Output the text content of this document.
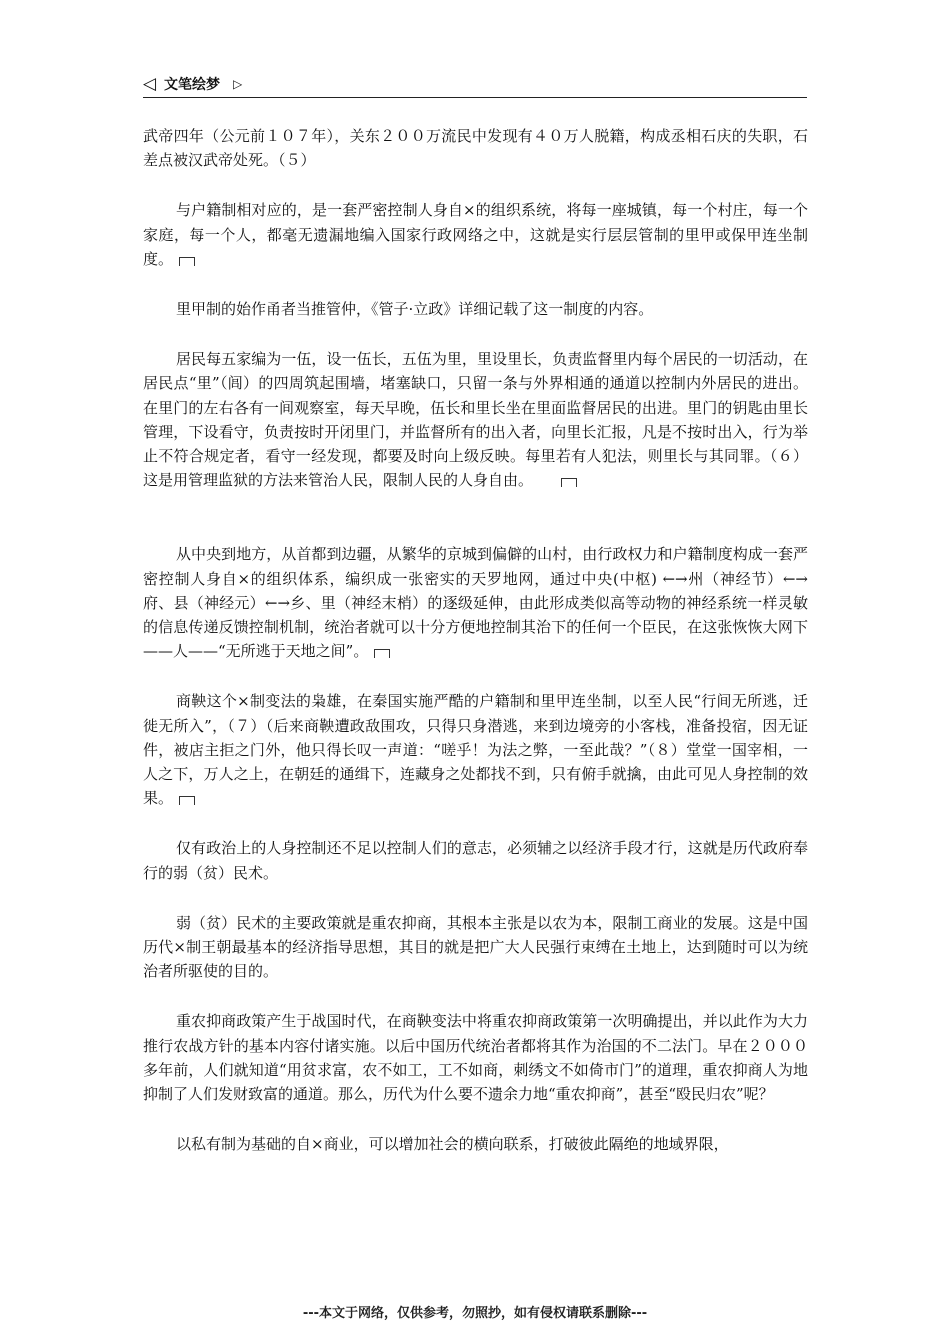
◁ 文笔绘梦 ▷

武帝四年（公元前１０７年），关东２００万流民中发现有４０万人脱籍，构成丞相石庆的失职，石差点被汉武帝处死。（５）

与户籍制相对应的，是一套严密控制人身自×的组织系统，将每一座城镇，每一个村庄，每一个家庭，每一个人，都毫无遗漏地编入国家行政网络之中，这就是实行层层管制的里甲或保甲连坐制度。

里甲制的始作甬者当推管仲，《管子·立政》详细记载了这一制度的内容。

居民每五家编为一伍，设一伍长，五伍为里，里设里长，负责监督里内每个居民的一切活动，在居民点“里”（闾）的四周筑起围墙，堵塞缺口，只留一条与外界相通的通道以控制内外居民的进出。在里门的左右各有一间观察室，每天早晚，伍长和里长坐在里面监督居民的出进。里门的钥匙由里长管理，下设看守，负责按时开闭里门，并监督所有的出入者，向里长汇报，凡是不按时出入，行为举止不符合规定者，看守一经发现，都要及时向上级反映。每里若有人犯法，则里长与其同罪。（６）这是用管理监狱的方法来管治人民，限制人民的人身自由。

从中央到地方，从首都到边疆，从繁华的京城到偏僻的山村，由行政权力和户籍制度构成一套严密控制人身自×的组织体系，编织成一张密实的天罗地网，通过中央(中枢) ←→州（神经节）←→　府、县（神经元）←→乡、里（神经末梢）的逐级延伸，由此形成类似高等动物的神经系统一样灵敏的信息传递反馈控制机制，统治者就可以十分方便地控制其治下的任何一个臣民，在这张恢恢大网下——人——“无所逃于天地之间”。

商鞅这个×制变法的枭雄，在秦国实施严酷的户籍制和里甲连坐制，以至人民“行间无所逃，迁徙无所入”，（７）（后来商鞅遭政敌围攻，只得只身潜逃，来到边境旁的小客栈，准备投宿，因无证件，被店主拒之门外，他只得长叹一声道：“嗟乎！为法之弊，一至此哉？”（８）堂堂一国宰相，一人之下，万人之上，在朝廷的通缉下，连藏身之处都找不到，只有俯手就擒，由此可见人身控制的效果。

仅有政治上的人身控制还不足以控制人们的意志，必须辅之以经济手段才行，这就是历代政府奉行的弱（贫）民术。

弱（贫）民术的主要政策就是重农抑商，其根本主张是以农为本，限制工商业的发展。这是中国历代×制王朝最基本的经济指导思想，其目的就是把广大人民强行束缚在土地上，达到随时可以为统治者所驱使的目的。

重农抑商政策产生于战国时代，在商鞅变法中将重农抑商政策第一次明确提出，并以此作为大力推行农战方针的基本内容付诸实施。以后中国历代统治者都将其作为治国的不二法门。早在２０００多年前，人们就知道“用贫求富，农不如工，工不如商，刺绣文不如倚市门”的道理，重农抑商人为地抑制了人们发财致富的通道。那么，历代为什么要不遗余力地“重农抑商”，甚至“殴民归农”呢？

以私有制为基础的自×商业，可以增加社会的横向联系，打破彼此隔绝的地域界限，

---本文于网络，仅供参考，勿照抄，如有侵权请联系删除---
